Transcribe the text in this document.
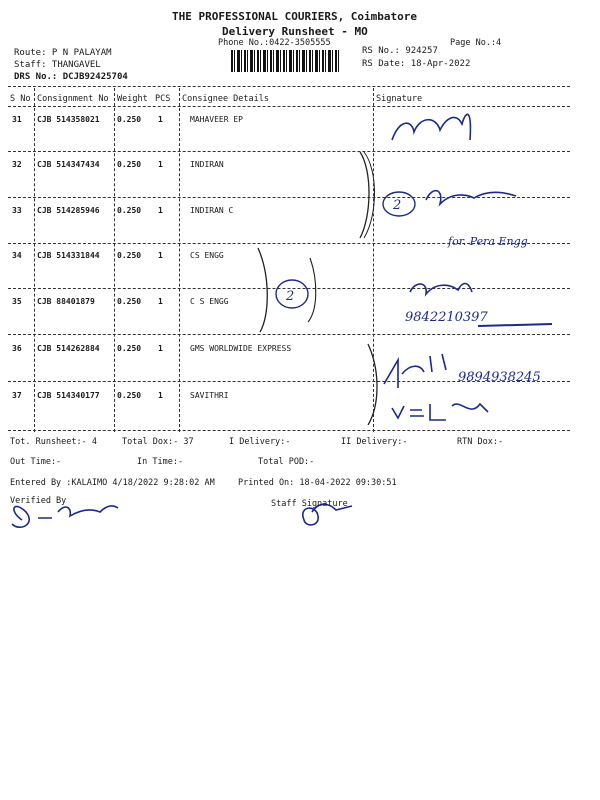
THE PROFESSIONAL COURIERS, Coimbatore
Delivery Runsheet - MO
Phone No.:0422-3505555	Page No.:4
Route: P N PALAYAM
Staff: THANGAVEL
DRS No.: DCJB92425704
RS No.: 924257
RS Date: 18-Apr-2022
S No Consignment No Weight PCS Consignee Details	Signature
31 CJB 514358021 0.250 1	MAHAVEER EP
32 CJB 514347434 0.250 1	INDIRAN
33 CJB 514285946 0.250 1	INDIRAN C
34 CJB 514331844 0.250 1	CS ENGG
35 CJB 88401879	0.250 1	C S ENGG
36 CJB 514262884 0.250 1	GMS WORLDWIDE EXPRESS
37 CJB 514340177 0.250 1	SAVITHRI
2
for. Pera Engg
2
9842210397
9894938245
Tot. Runsheet:- 4	Total Dox:- 37	I Delivery:-	II Delivery:-	RTN Dox:-
Out Time:-	In Time:-	Total POD:-
Entered By :KALAIMO 4/18/2022 9:28:02 AM	Printed On: 18-04-2022 09:30:51
Verified By	Staff Signature
